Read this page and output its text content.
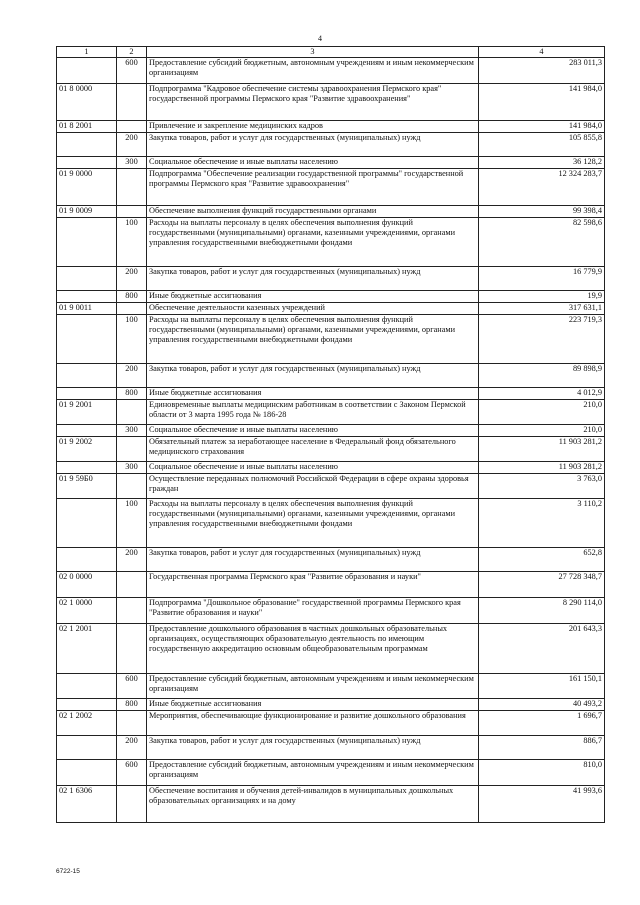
4
1	2	3	4
	600	Предоставление субсидий бюджетным, автономным учреждениям и иным некоммерческим организациям	283 011,3
01 8 0000		Подпрограмма "Кадровое обеспечение системы здравоохранения Пермского края" государственной программы Пермского края "Развитие здравоохранения"	141 984,0
01 8 2001		Привлечение и закрепление медицинских кадров	141 984,0
	200	Закупка товаров, работ и услуг для государственных (муниципальных) нужд	105 855,8
	300	Социальное обеспечение и иные выплаты населению	36 128,2
01 9 0000		Подпрограмма "Обеспечение реализации государственной программы" государственной программы Пермского края "Развитие здравоохранения"	12 324 283,7
01 9 0009		Обеспечение выполнения функций государственными органами	99 398,4
	100	Расходы на выплаты персоналу в целях обеспечения выполнения функций государственными (муниципальными) органами, казенными учреждениями, органами управления государственными внебюджетными фондами	82 598,6
	200	Закупка товаров, работ и услуг для государственных (муниципальных) нужд	16 779,9
	800	Иные бюджетные ассигнования	19,9
01 9 0011		Обеспечение деятельности казенных учреждений	317 631,1
	100	Расходы на выплаты персоналу в целях обеспечения выполнения функций государственными (муниципальными) органами, казенными учреждениями, органами управления государственными внебюджетными фондами	223 719,3
	200	Закупка товаров, работ и услуг для государственных (муниципальных) нужд	89 898,9
	800	Иные бюджетные ассигнования	4 012,9
01 9 2001		Единовременные выплаты медицинским работникам в соответствии с Законом Пермской области от 3 марта 1995 года № 186-28	210,0
	300	Социальное обеспечение и иные выплаты населению	210,0
01 9 2002		Обязательный платеж за неработающее население в Федеральный фонд обязательного медицинского страхования	11 903 281,2
	300	Социальное обеспечение и иные выплаты населению	11 903 281,2
01 9 59Б0		Осуществление переданных полномочий Российской Федерации в сфере охраны здоровья граждан	3 763,0
	100	Расходы на выплаты персоналу в целях обеспечения выполнения функций государственными (муниципальными) органами, казенными учреждениями, органами управления государственными внебюджетными фондами	3 110,2
	200	Закупка товаров, работ и услуг для государственных (муниципальных) нужд	652,8
02 0 0000		Государственная программа Пермского края "Развитие образования и науки"	27 728 348,7
02 1 0000		Подпрограмма "Дошкольное образование" государственной программы Пермского края "Развитие образования и науки"	8 290 114,0
02 1 2001		Предоставление дошкольного образования в частных дошкольных образовательных организациях, осуществляющих образовательную деятельность по имеющим государственную аккредитацию основным общеобразовательным программам	201 643,3
	600	Предоставление субсидий бюджетным, автономным учреждениям и иным некоммерческим организациям	161 150,1
	800	Иные бюджетные ассигнования	40 493,2
02 1 2002		Мероприятия, обеспечивающие функционирование и развитие дошкольного образования	1 696,7
	200	Закупка товаров, работ и услуг для государственных (муниципальных) нужд	886,7
	600	Предоставление субсидий бюджетным, автономным учреждениям и иным некоммерческим организациям	810,0
02 1 6306		Обеспечение воспитания и обучения детей-инвалидов в муниципальных дошкольных образовательных организациях и на дому	41 993,6
6722-15
